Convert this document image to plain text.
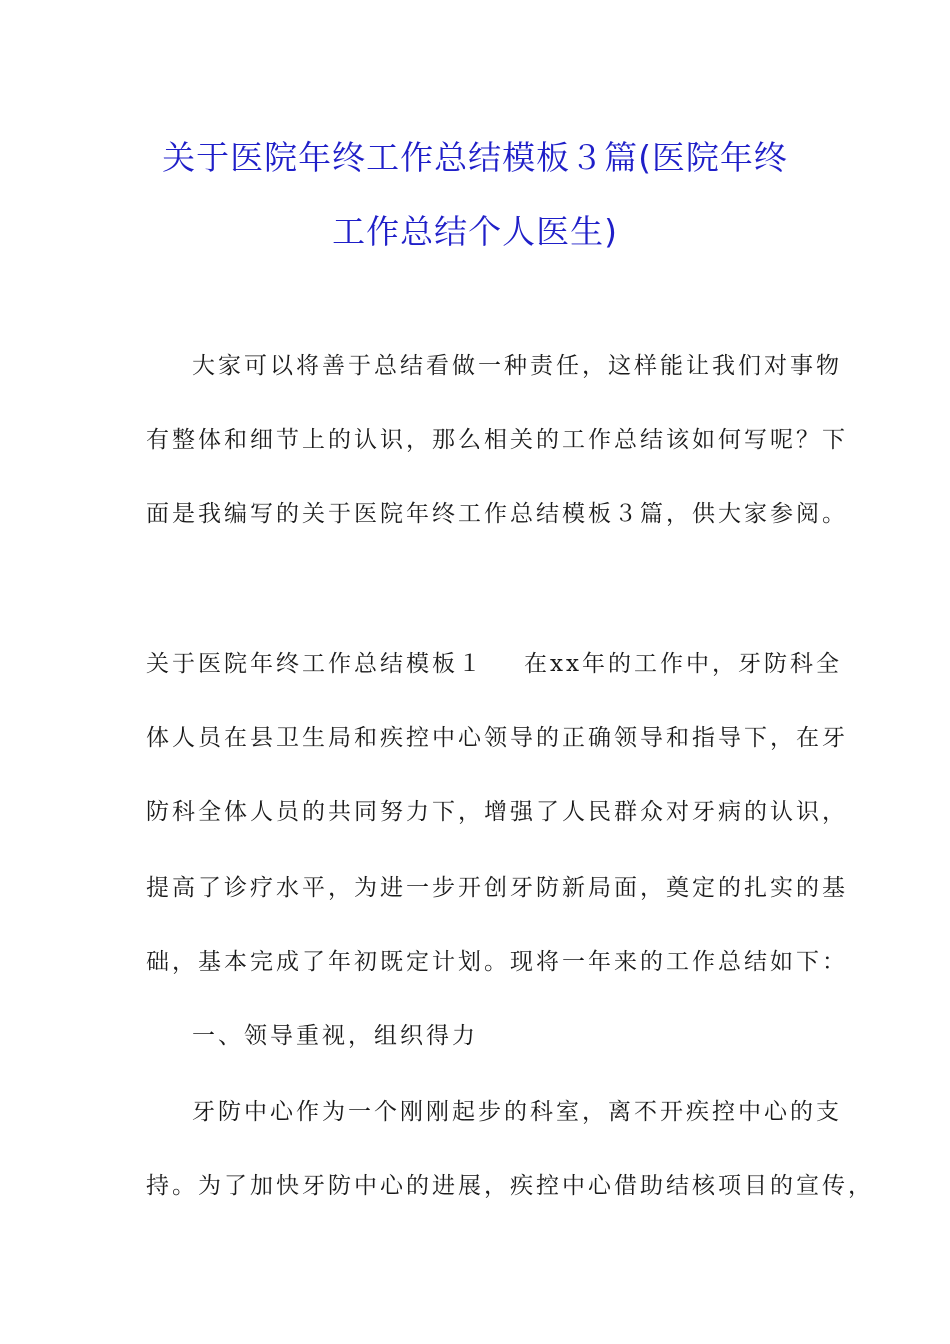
关于医院年终工作总结模板３篇(医院年终
工作总结个人医生)
大家可以将善于总结看做一种责任，这样能让我们对事物
有整体和细节上的认识，那么相关的工作总结该如何写呢？下
面是我编写的关于医院年终工作总结模板３篇，供大家参阅。
关于医院年终工作总结模板１ 在xx年的工作中，牙防科全
体人员在县卫生局和疾控中心领导的正确领导和指导下，在牙
防科全体人员的共同努力下，增强了人民群众对牙病的认识，
提高了诊疗水平，为进一步开创牙防新局面，奠定的扎实的基
础，基本完成了年初既定计划。现将一年来的工作总结如下：
一、领导重视，组织得力
牙防中心作为一个刚刚起步的科室，离不开疾控中心的支
持。为了加快牙防中心的进展，疾控中心借助结核项目的宣传，
